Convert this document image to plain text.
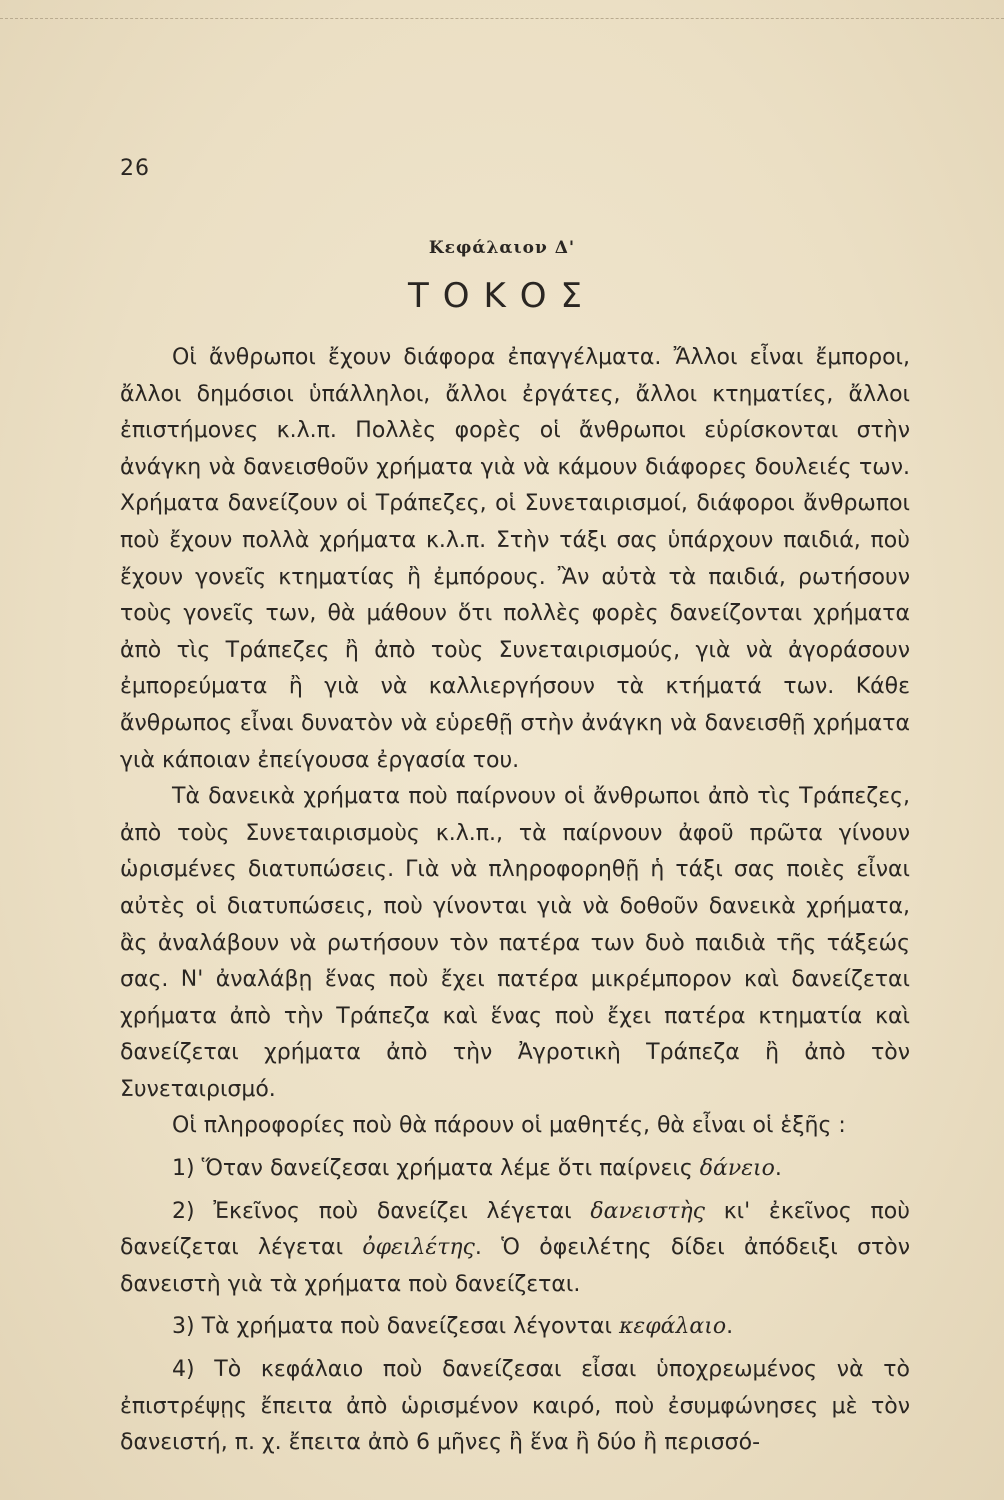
26
Κεφάλαιον Δ'
ΤΟΚΟΣ

Οἱ ἄνθρωποι ἔχουν διάφορα ἐπαγγέλματα. Ἄλλοι εἶναι ἔμποροι, ἄλλοι δημόσιοι ὑπάλληλοι, ἄλλοι ἐργάτες, ἄλλοι κτηματίες, ἄλλοι ἐπιστήμονες κ.λ.π. Πολλὲς φορὲς οἱ ἄνθρωποι εὑρίσκονται στὴν ἀνάγκη νὰ δανεισθοῦν χρήματα γιὰ νὰ κάμουν διάφορες δουλειές των. Χρήματα δανείζουν οἱ Τράπεζες, οἱ Συνεταιρισμοί, διάφοροι ἄνθρωποι ποὺ ἔχουν πολλὰ χρήματα κ.λ.π. Στὴν τάξι σας ὑπάρχουν παιδιά, ποὺ ἔχουν γονεῖς κτηματίας ἢ ἐμπόρους. Ἂν αὐτὰ τὰ παιδιά, ρωτήσουν τοὺς γονεῖς των, θὰ μάθουν ὅτι πολλὲς φορὲς δανείζονται χρήματα ἀπὸ τὶς Τράπεζες ἢ ἀπὸ τοὺς Συνεταιρισμούς, γιὰ νὰ ἀγοράσουν ἐμπορεύματα ἢ γιὰ νὰ καλλιεργήσουν τὰ κτήματά των. Κάθε ἄνθρωπος εἶναι δυνατὸν νὰ εὑρεθῇ στὴν ἀνάγκη νὰ δανεισθῇ χρήματα γιὰ κάποιαν ἐπείγουσα ἐργασία του.

Τὰ δανεικὰ χρήματα ποὺ παίρνουν οἱ ἄνθρωποι ἀπὸ τὶς Τράπεζες, ἀπὸ τοὺς Συνεταιρισμοὺς κ.λ.π., τὰ παίρνουν ἀφοῦ πρῶτα γίνουν ὡρισμένες διατυπώσεις. Γιὰ νὰ πληροφορηθῇ ἡ τάξι σας ποιὲς εἶναι αὐτὲς οἱ διατυπώσεις, ποὺ γίνονται γιὰ νὰ δοθοῦν δανεικὰ χρήματα, ἂς ἀναλάβουν νὰ ρωτήσουν τὸν πατέρα των δυὸ παιδιὰ τῆς τάξεώς σας. Ν' ἀναλάβῃ ἕνας ποὺ ἔχει πατέρα μικρέμπορον καὶ δανείζεται χρήματα ἀπὸ τὴν Τράπεζα καὶ ἕνας ποὺ ἔχει πατέρα κτηματία καὶ δανείζεται χρήματα ἀπὸ τὴν Ἀγροτικὴ Τράπεζα ἢ ἀπὸ τὸν Συνεταιρισμό.

Οἱ πληροφορίες ποὺ θὰ πάρουν οἱ μαθητές, θὰ εἶναι οἱ ἑξῆς :

1) Ὅταν δανείζεσαι χρήματα λέμε ὅτι παίρνεις δάνειο.

2) Ἐκεῖνος ποὺ δανείζει λέγεται δανειστὴς κι' ἐκεῖνος ποὺ δανείζεται λέγεται ὀφειλέτης. Ὁ ὀφειλέτης δίδει ἀπόδειξι στὸν δανειστὴ γιὰ τὰ χρήματα ποὺ δανείζεται.

3) Τὰ χρήματα ποὺ δανείζεσαι λέγονται κεφάλαιο.

4) Τὸ κεφάλαιο ποὺ δανείζεσαι εἶσαι ὑποχρεωμένος νὰ τὸ ἐπιστρέψῃς ἔπειτα ἀπὸ ὡρισμένον καιρό, ποὺ ἐσυμφώνησες μὲ τὸν δανειστή, π. χ. ἔπειτα ἀπὸ 6 μῆνες ἢ ἕνα ἢ δύο ἢ περισσό-
